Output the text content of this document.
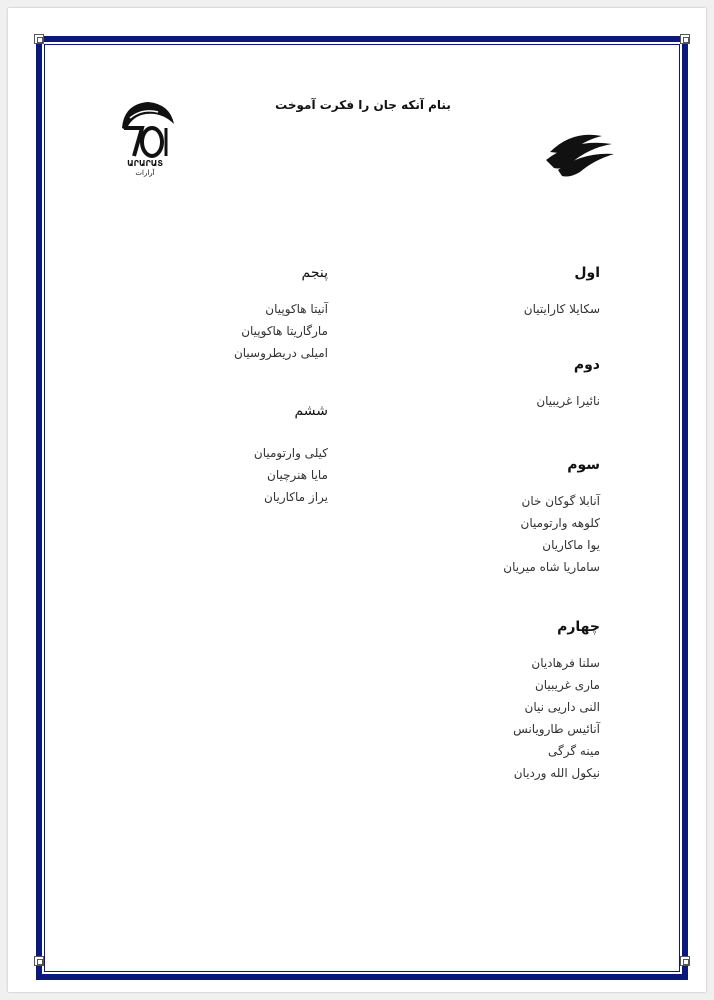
بنام آنکه جان را فکرت آموخت
ԱՐԱՐԱՏ
آرارات

اول

سکایلا کارایتیان

دوم

نائیرا غریبیان

سوم

آنابلا گوکان خان
کلوهه وارتومیان
یوا ماکاریان
ساماریا شاه میریان

چهارم

سلنا فرهادیان
ماری غریبیان
النی داریی نیان
آنائیس طارویانس
مینه گرگی
نیکول الله وردیان

پنجم

آنیتا هاکوپیان
مارگاریتا هاکوپیان
امیلی دریطروسیان

ششم

کیلی وارتومیان
مایا هنرچیان
یراز ماکاریان
